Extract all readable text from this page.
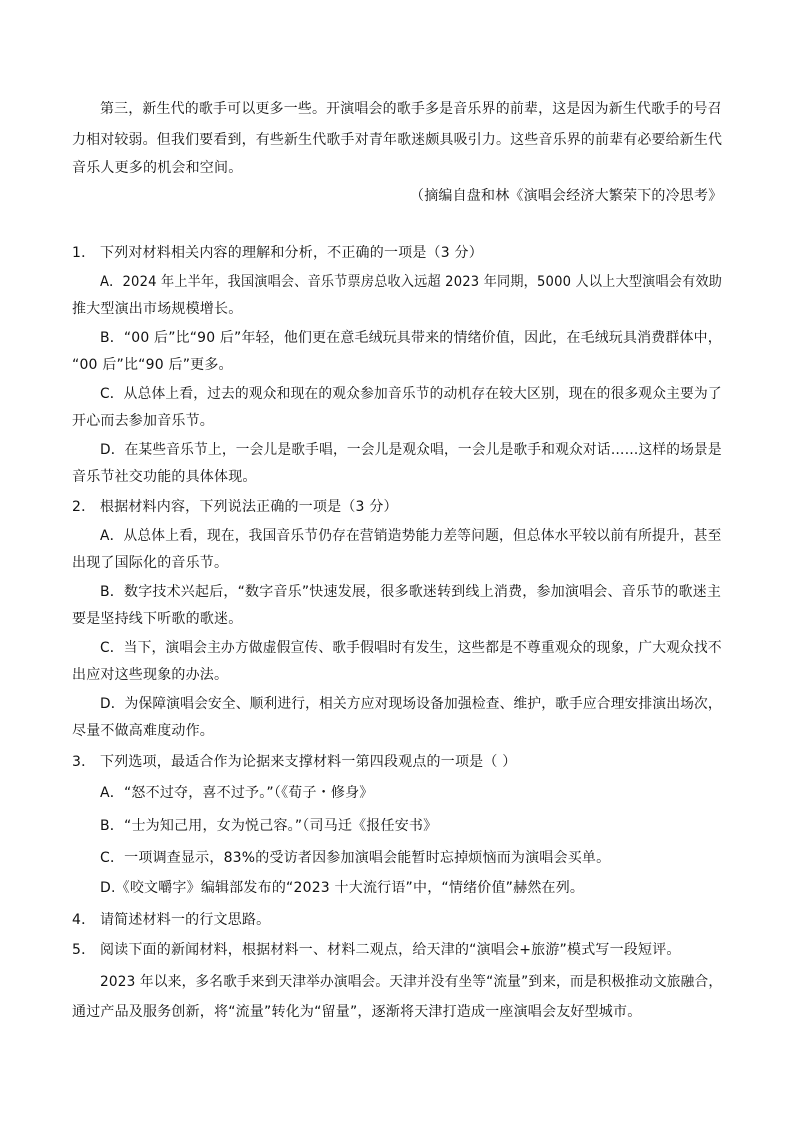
第三，新生代的歌手可以更多一些。开演唱会的歌手多是音乐界的前辈，这是因为新生代歌手的号召
力相对较弱。但我们要看到，有些新生代歌手对青年歌迷颇具吸引力。这些音乐界的前辈有必要给新生代
音乐人更多的机会和空间。
（摘编自盘和林《演唱会经济大繁荣下的冷思考》
1． 下列对材料相关内容的理解和分析，不正确的一项是（3 分）
A．2024 年上半年，我国演唱会、音乐节票房总收入远超 2023 年同期，5000 人以上大型演唱会有效助
推大型演出市场规模增长。
B．“00 后”比“90 后”年轻，他们更在意毛绒玩具带来的情绪价值，因此，在毛绒玩具消费群体中，
“00 后”比“90 后”更多。
C．从总体上看，过去的观众和现在的观众参加音乐节的动机存在较大区别，现在的很多观众主要为了
开心而去参加音乐节。
D．在某些音乐节上，一会儿是歌手唱，一会儿是观众唱，一会儿是歌手和观众对话……这样的场景是
音乐节社交功能的具体体现。
2． 根据材料内容，下列说法正确的一项是（3 分）
A．从总体上看，现在，我国音乐节仍存在营销造势能力差等问题，但总体水平较以前有所提升，甚至
出现了国际化的音乐节。
B．数字技术兴起后，“数字音乐”快速发展，很多歌迷转到线上消费，参加演唱会、音乐节的歌迷主
要是坚持线下听歌的歌迷。
C．当下，演唱会主办方做虚假宣传、歌手假唱时有发生，这些都是不尊重观众的现象，广大观众找不
出应对这些现象的办法。
D．为保障演唱会安全、顺利进行，相关方应对现场设备加强检查、维护，歌手应合理安排演出场次，
尽量不做高难度动作。
3． 下列选项，最适合作为论据来支撑材料一第四段观点的一项是（ ）
A．“怒不过夺，喜不过予。”（《荀子・修身》
B．“士为知己用，女为悦己容。”（司马迁《报任安书》
C．一项调查显示，83%的受访者因参加演唱会能暂时忘掉烦恼而为演唱会买单。
D.《咬文嚼字》编辑部发布的“2023 十大流行语”中，“情绪价值”赫然在列。
4． 请简述材料一的行文思路。
5． 阅读下面的新闻材料，根据材料一、材料二观点，给天津的“演唱会+旅游”模式写一段短评。
2023 年以来，多名歌手来到天津举办演唱会。天津并没有坐等“流量”到来，而是积极推动文旅融合，
通过产品及服务创新，将“流量”转化为“留量”，逐渐将天津打造成一座演唱会友好型城市。
